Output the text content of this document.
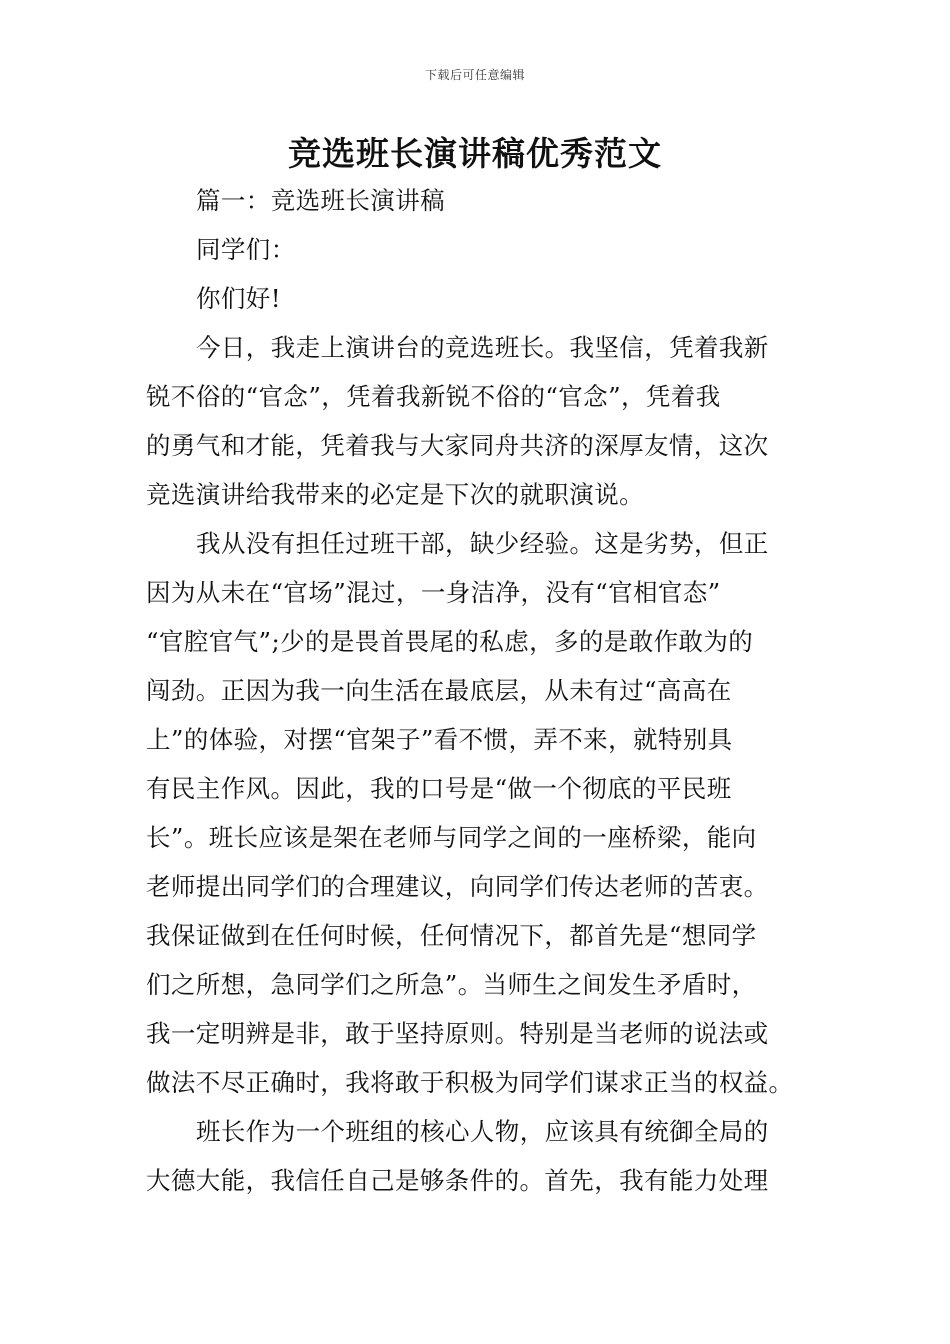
下载后可任意编辑
竞选班长演讲稿优秀范文
篇一：竞选班长演讲稿
同学们：
你们好!
今日，我走上演讲台的竞选班长。我坚信，凭着我新
锐不俗的“官念”，凭着我新锐不俗的“官念”，凭着我
的勇气和才能，凭着我与大家同舟共济的深厚友情，这次
竞选演讲给我带来的必定是下次的就职演说。
我从没有担任过班干部，缺少经验。这是劣势，但正
因为从未在“官场”混过，一身洁净，没有“官相官态”
“官腔官气”;少的是畏首畏尾的私虑，多的是敢作敢为的
闯劲。正因为我一向生活在最底层，从未有过“高高在
上”的体验，对摆“官架子”看不惯，弄不来，就特别具
有民主作风。因此，我的口号是“做一个彻底的平民班
长”。班长应该是架在老师与同学之间的一座桥梁，能向
老师提出同学们的合理建议，向同学们传达老师的苦衷。
我保证做到在任何时候，任何情况下，都首先是“想同学
们之所想，急同学们之所急”。当师生之间发生矛盾时，
我一定明辨是非，敢于坚持原则。特别是当老师的说法或
做法不尽正确时，我将敢于积极为同学们谋求正当的权益。
班长作为一个班组的核心人物，应该具有统御全局的
大德大能，我信任自己是够条件的。首先，我有能力处理
